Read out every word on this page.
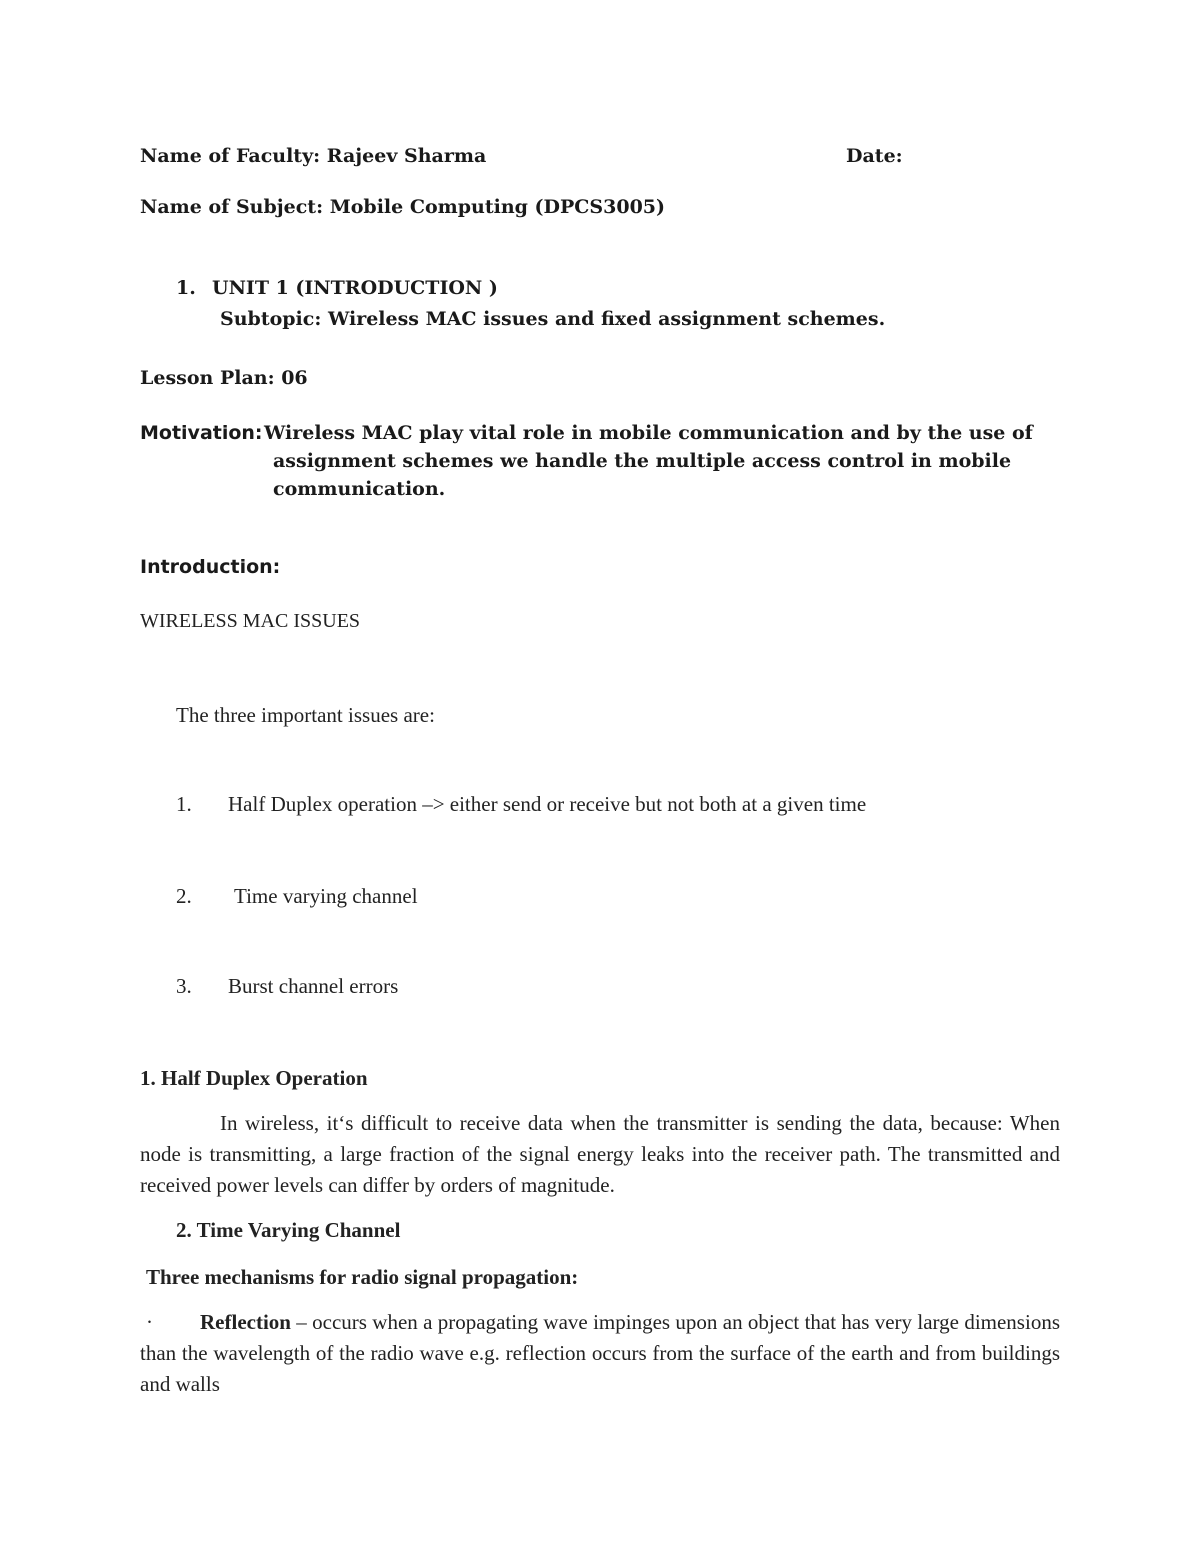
Name of Faculty: Rajeev Sharma	Date:
Name of Subject: Mobile Computing (DPCS3005)
1. UNIT 1 (INTRODUCTION )
Subtopic: Wireless MAC issues and fixed assignment schemes.
Lesson Plan: 06
Motivation: Wireless MAC play vital role in mobile communication and by the use of
assignment schemes we handle the multiple access control in mobile
communication.
Introduction:
WIRELESS MAC ISSUES
The three important issues are:
1. Half Duplex operation –> either send or receive but not both at a given time
2. Time varying channel
3. Burst channel errors
1. Half Duplex Operation
In wireless, it‘s difficult to receive data when the transmitter is sending the data, because: When node is transmitting, a large fraction of the signal energy leaks into the receiver path. The transmitted and received power levels can differ by orders of magnitude.
2. Time Varying Channel
Three mechanisms for radio signal propagation:
·	Reflection – occurs when a propagating wave impinges upon an object that has very large dimensions than the wavelength of the radio wave e.g. reflection occurs from the surface of the earth and from buildings and walls
